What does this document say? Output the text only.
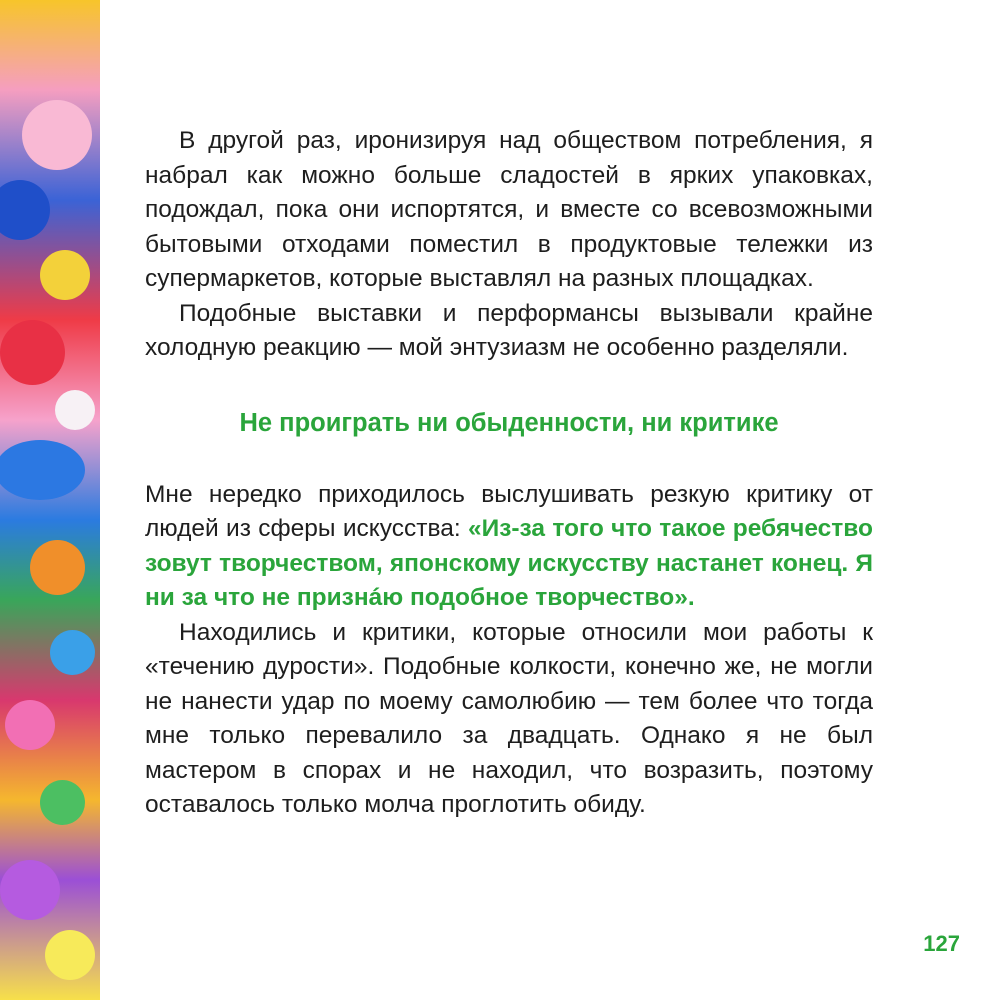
В другой раз, иронизируя над обществом потребления, я набрал как можно больше сладостей в ярких упаковках, подождал, пока они испортятся, и вместе со всевозможными бытовыми отходами поместил в продуктовые тележки из супермаркетов, которые выставлял на разных площадках.

Подобные выставки и перформансы вызывали крайне холодную реакцию — мой энтузиазм не особенно разделяли.

Не проиграть ни обыденности, ни критике

Мне нередко приходилось выслушивать резкую критику от людей из сферы искусства: «Из-за того что такое ребячество зовут творчеством, японскому искусству настанет конец. Я ни за что не признáю подобное творчество».

Находились и критики, которые относили мои работы к «течению дурости». Подобные колкости, конечно же, не могли не нанести удар по моему самолюбию — тем более что тогда мне только перевалило за двадцать. Однако я не был мастером в спорах и не находил, что возразить, поэтому оставалось только молча проглотить обиду.

127
